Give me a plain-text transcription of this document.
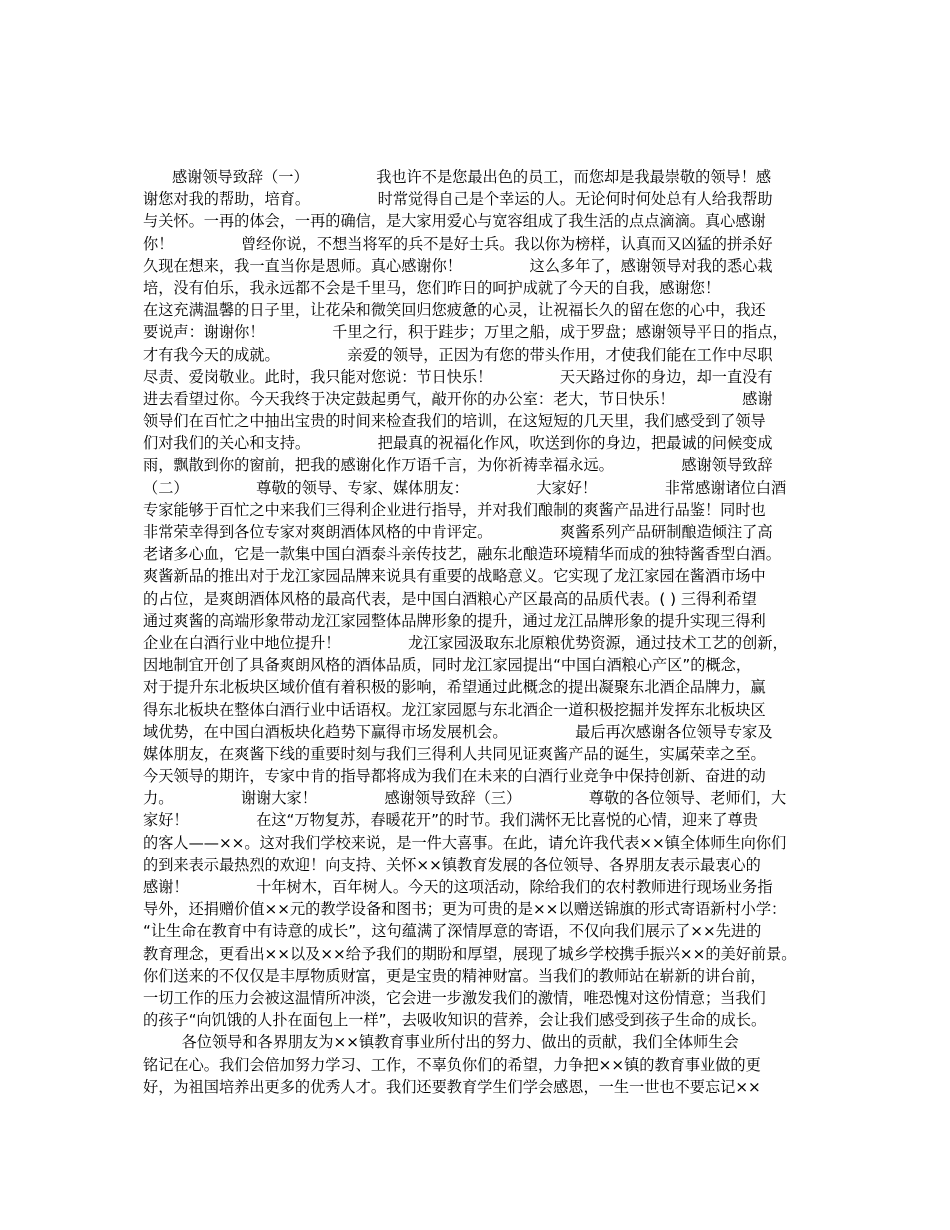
感谢领导致辞（一）              我也许不是您最出色的员工，而您却是我最崇敬的领导！感
谢您对我的帮助，培育。              时常觉得自己是个幸运的人。无论何时何处总有人给我帮助
与关怀。一再的体会，一再的确信，是大家用爱心与宽容组成了我生活的点点滴滴。真心感谢
你！              曾经你说，不想当将军的兵不是好士兵。我以你为榜样，认真而又凶猛的拼杀好
久现在想来，我一直当你是恩师。真心感谢你！              这么多年了，感谢领导对我的悉心栽
培，没有伯乐，我永远都不会是千里马，您们昨日的呵护成就了今天的自我，感谢您！
在这充满温馨的日子里，让花朵和微笑回归您疲惫的心灵，让祝福长久的留在您的心中，我还
要说声：谢谢你！              千里之行，积于跬步；万里之船，成于罗盘；感谢领导平日的指点，
才有我今天的成就。              亲爱的领导，正因为有您的带头作用，才使我们能在工作中尽职
尽责、爱岗敬业。此时，我只能对您说：节日快乐！              天天路过你的身边，却一直没有
进去看望过你。今天我终于决定鼓起勇气，敲开你的办公室：老大，节日快乐！              感谢
领导们在百忙之中抽出宝贵的时间来检查我们的培训，在这短短的几天里，我们感受到了领导
们对我们的关心和支持。              把最真的祝福化作风，吹送到你的身边，把最诚的问候变成
雨，飘散到你的窗前，把我的感谢化作万语千言，为你祈祷幸福永远。              感谢领导致辞
（二）              尊敬的领导、专家、媒体朋友：              大家好！              非常感谢诸位白酒
专家能够于百忙之中来我们三得利企业进行指导，并对我们酿制的爽酱产品进行品鉴！同时也
非常荣幸得到各位专家对爽朗酒体风格的中肯评定。              爽酱系列产品研制酿造倾注了高
老诸多心血，它是一款集中国白酒泰斗亲传技艺，融东北酿造环境精华而成的独特酱香型白酒。
爽酱新品的推出对于龙江家园品牌来说具有重要的战略意义。它实现了龙江家园在酱酒市场中
的占位，是爽朗酒体风格的最高代表，是中国白酒粮心产区最高的品质代表。( ) 三得利希望
通过爽酱的高端形象带动龙江家园整体品牌形象的提升，通过龙江品牌形象的提升实现三得利
企业在白酒行业中地位提升！              龙江家园汲取东北原粮优势资源，通过技术工艺的创新，
因地制宜开创了具备爽朗风格的酒体品质，同时龙江家园提出“中国白酒粮心产区”的概念，
对于提升东北板块区域价值有着积极的影响，希望通过此概念的提出凝聚东北酒企品牌力，赢
得东北板块在整体白酒行业中话语权。龙江家园愿与东北酒企一道积极挖掘并发挥东北板块区
域优势，在中国白酒板块化趋势下赢得市场发展机会。              最后再次感谢各位领导专家及
媒体朋友，在爽酱下线的重要时刻与我们三得利人共同见证爽酱产品的诞生，实属荣幸之至。
今天领导的期许，专家中肯的指导都将成为我们在未来的白酒行业竞争中保持创新、奋进的动
力。              谢谢大家！              感谢领导致辞（三）              尊敬的各位领导、老师们，大
家好！              在这“万物复苏，春暖花开”的时节。我们满怀无比喜悦的心情，迎来了尊贵
的客人——××。这对我们学校来说，是一件大喜事。在此，请允许我代表××镇全体师生向你们
的到来表示最热烈的欢迎！向支持、关怀××镇教育发展的各位领导、各界朋友表示最衷心的
感谢！              十年树木，百年树人。今天的这项活动，除给我们的农村教师进行现场业务指
导外，还捐赠价值××元的教学设备和图书；更为可贵的是××以赠送锦旗的形式寄语新村小学：
“让生命在教育中有诗意的成长”，这句蕴满了深情厚意的寄语，不仅向我们展示了××先进的
教育理念，更看出××以及××给予我们的期盼和厚望，展现了城乡学校携手振兴××的美好前景。
你们送来的不仅仅是丰厚物质财富，更是宝贵的精神财富。当我们的教师站在崭新的讲台前，
一切工作的压力会被这温情所冲淡，它会进一步激发我们的激情，唯恐愧对这份情意；当我们
的孩子“向饥饿的人扑在面包上一样”，去吸收知识的营养，会让我们感受到孩子生命的成长。
各位领导和各界朋友为××镇教育事业所付出的努力、做出的贡献，我们全体师生会
铭记在心。我们会倍加努力学习、工作，不辜负你们的希望，力争把××镇的教育事业做的更
好，为祖国培养出更多的优秀人才。我们还要教育学生们学会感恩，一生一世也不要忘记××
